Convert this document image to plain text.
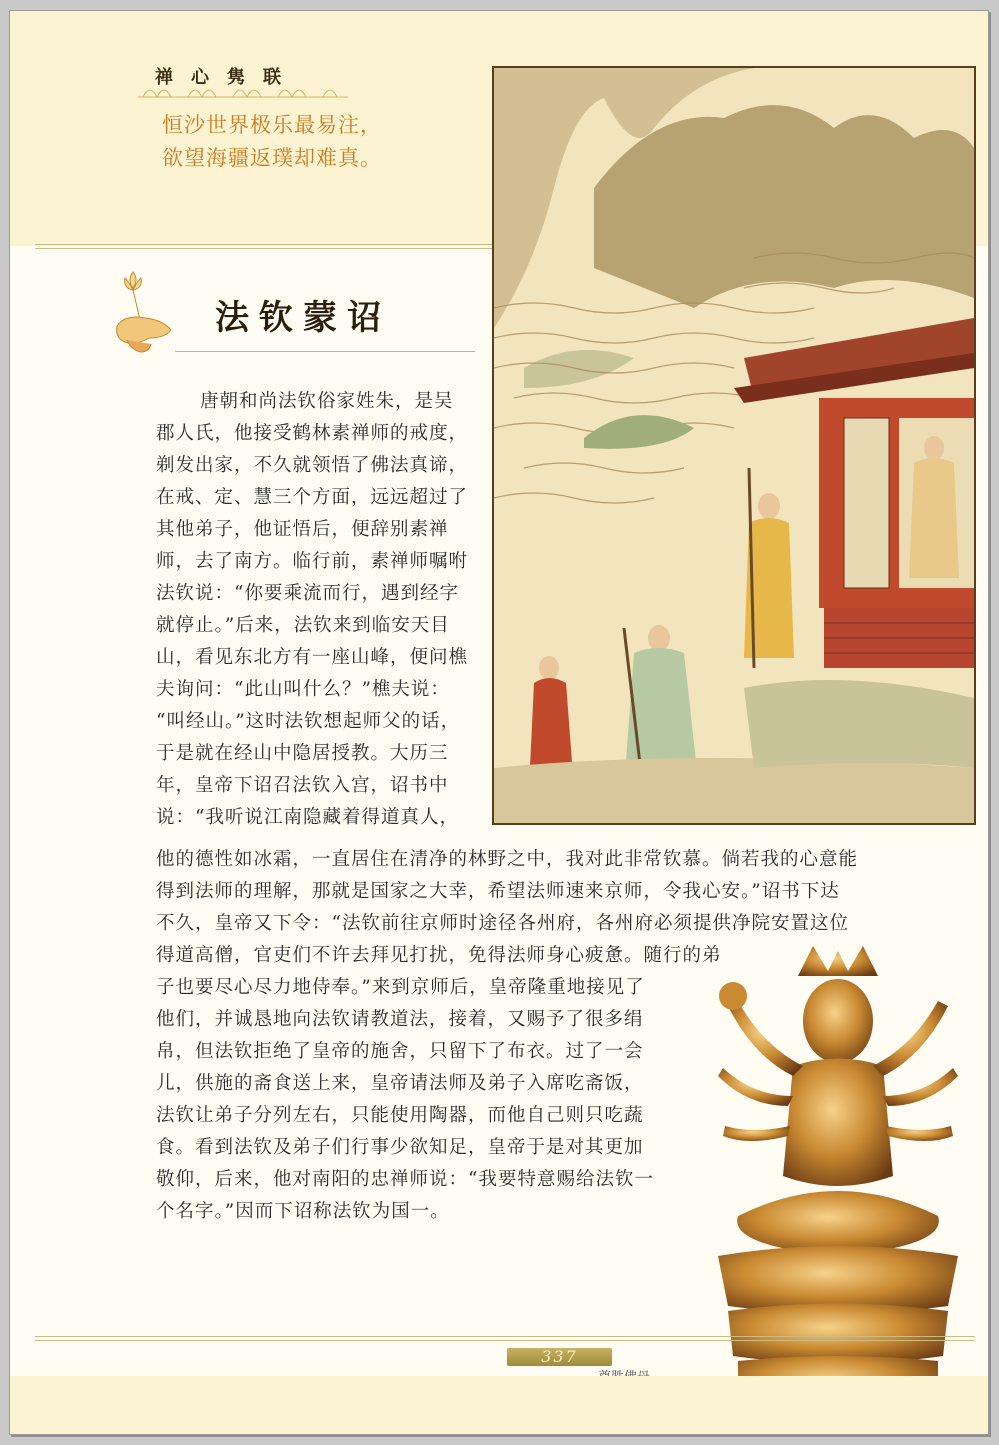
禅心隽联
恒沙世界极乐最易注，
欲望海疆返璞却难真。
法钦蒙诏
唐朝和尚法钦俗家姓朱，是吴
郡人氏，他接受鹤林素禅师的戒度，
剃发出家，不久就领悟了佛法真谛，
在戒、定、慧三个方面，远远超过了
其他弟子，他证悟后，便辞别素禅
师，去了南方。临行前，素禅师嘱咐
法钦说：“你要乘流而行，遇到经字
就停止。”后来，法钦来到临安天目
山，看见东北方有一座山峰，便问樵
夫询问：“此山叫什么？”樵夫说：
“叫经山。”这时法钦想起师父的话，
于是就在经山中隐居授教。大历三
年，皇帝下诏召法钦入宫，诏书中
说：“我听说江南隐藏着得道真人，
他的德性如冰霜，一直居住在清净的林野之中，我对此非常钦慕。倘若我的心意能
得到法师的理解，那就是国家之大幸，希望法师速来京师，令我心安。”诏书下达
不久，皇帝又下令：“法钦前往京师时途径各州府，各州府必须提供净院安置这位
得道高僧，官吏们不许去拜见打扰，免得法师身心疲惫。随行的弟
子也要尽心尽力地侍奉。”来到京师后，皇帝隆重地接见了
他们，并诚恳地向法钦请教道法，接着，又赐予了很多绢
帛，但法钦拒绝了皇帝的施舍，只留下了布衣。过了一会
儿，供施的斋食送上来，皇帝请法师及弟子入席吃斋饭，
法钦让弟子分列左右，只能使用陶器，而他自己则只吃蔬
食。看到法钦及弟子们行事少欲知足，皇帝于是对其更加
敬仰，后来，他对南阳的忠禅师说：“我要特意赐给法钦一
个名字。”因而下诏称法钦为国一。
337
